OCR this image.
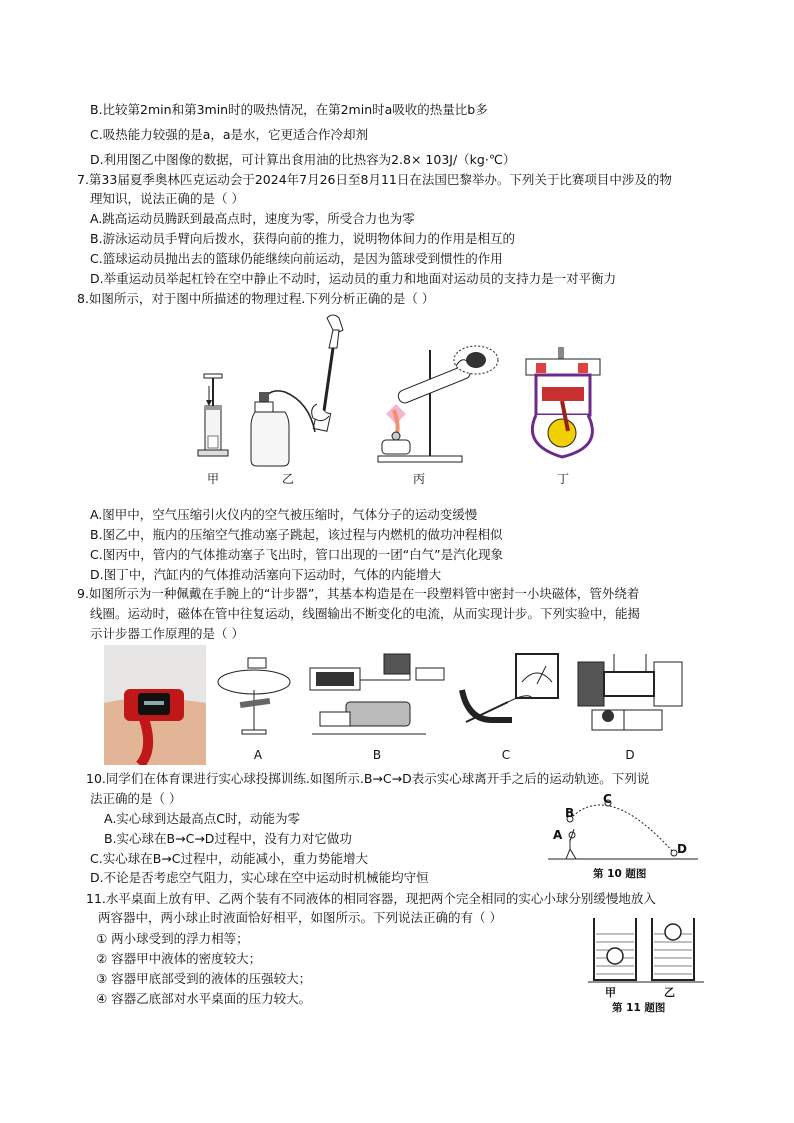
B.比较第2min和第3min时的吸热情况，在第2min时a吸收的热量比b多
C.吸热能力较强的是a，a是水，它更适合作冷却剂
D.利用图乙中图像的数据，可计算出食用油的比热容为2.8× 103J/（kg·℃）
7.第33届夏季奥林匹克运动会于2024年7月26日至8月11日在法国巴黎举办。下列关于比赛项目中涉及的物
理知识，说法正确的是（ ）
A.跳高运动员腾跃到最高点时，速度为零，所受合力也为零
B.游泳运动员手臂向后拨水，获得向前的推力，说明物体间力的作用是相互的
C.篮球运动员抛出去的篮球仍能继续向前运动，是因为篮球受到惯性的作用
D.举重运动员举起杠铃在空中静止不动时，运动员的重力和地面对运动员的支持力是一对平衡力
8.如图所示，对于图中所描述的物理过程.下列分析正确的是（ ）
甲	乙	丙	丁
A.图甲中，空气压缩引火仪内的空气被压缩时，气体分子的运动变缓慢
B.图乙中，瓶内的压缩空气推动塞子跳起，该过程与内燃机的做功冲程相似
C.图丙中，管内的气体推动塞子飞出时，管口出现的一团“白气”是汽化现象
D.图丁中，汽缸内的气体推动活塞向下运动时，气体的内能增大
9.如图所示为一种佩戴在手腕上的“计步器”，其基本构造是在一段塑料管中密封一小块磁体，管外绕着
线圈。运动时，磁体在管中往复运动，线圈输出不断变化的电流，从而实现计步。下列实验中，能揭
示计步器工作原理的是（ ）
A	B	C	D
10.同学们在体育课进行实心球投掷训练.如图所示.B→C→D表示实心球离开手之后的运动轨迹。下列说
法正确的是（ ）
A.实心球到达最高点C时，动能为零
B.实心球在B→C→D过程中，没有力对它做功
C.实心球在B→C过程中，动能减小，重力势能增大
D.不论是否考虑空气阻力，实心球在空中运动时机械能均守恒
A
B
C
D
第 10 题图
11.水平桌面上放有甲、乙两个装有不同液体的相同容器，现把两个完全相同的实心小球分别缓慢地放入
两容器中，两小球止时液面恰好相平，如图所示。下列说法正确的有（ ）
① 两小球受到的浮力相等；
② 容器甲中液体的密度较大；
③ 容器甲底部受到的液体的压强较大；
④ 容器乙底部对水平桌面的压力较大。	甲	乙
第 11 题图
